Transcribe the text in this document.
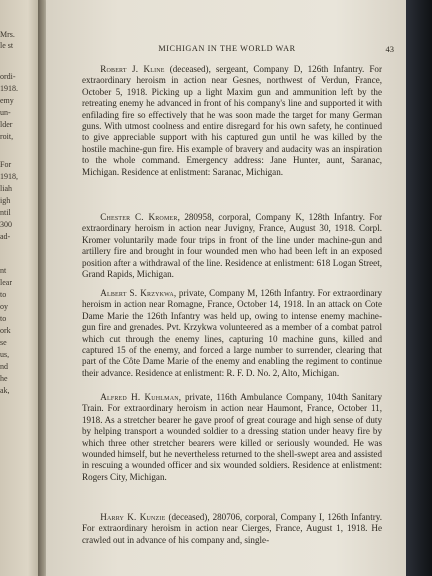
Mrs.
le st
ordi-
1918.
emy
un-
lder
roit,
For
1918,
liah
igh
ntil
300
ad-
nt
lear
to
oy
to
ork
se
us,
nd
he
ak,
MICHIGAN IN THE WORLD WAR	43

  Robert J. Kline (deceased), sergeant, Company D, 126th Infantry. For extraordinary heroism in action near Gesnes, northwest of Verdun, France, October 5, 1918. Picking up a light Maxim gun and ammunition left by the retreating enemy he advanced in front of his company's line and supported it with enfilading fire so effectively that he was soon made the target for many German guns. With utmost coolness and entire disregard for his own safety, he continued to give appreciable support with his captured gun until he was killed by the hostile machine-gun fire. His example of bravery and audacity was an inspiration to the whole command. Emergency address: Jane Hunter, aunt, Saranac, Michigan. Residence at enlistment: Saranac, Michigan.

  Chester C. Kromer, 280958, corporal, Company K, 128th Infantry. For extraordinary heroism in action near Juvigny, France, August 30, 1918. Corpl. Kromer voluntarily made four trips in front of the line under machine-gun and artillery fire and brought in four wounded men who had been left in an exposed position after a withdrawal of the line. Residence at enlistment: 618 Logan Street, Grand Rapids, Michigan.

  Albert S. Krzykwa, private, Company M, 126th Infantry. For extraordinary heroism in action near Romagne, France, October 14, 1918. In an attack on Cote Dame Marie the 126th Infantry was held up, owing to intense enemy machine-gun fire and grenades. Pvt. Krzykwa volunteered as a member of a combat patrol which cut through the enemy lines, capturing 10 machine guns, killed and captured 15 of the enemy, and forced a large number to surrender, clearing that part of the Côte Dame Marie of the enemy and enabling the regiment to continue their advance. Residence at enlistment: R. F. D. No. 2, Alto, Michigan.

  Alfred H. Kuhlman, private, 116th Ambulance Company, 104th Sanitary Train. For extraordinary heroism in action near Haumont, France, October 11, 1918. As a stretcher bearer he gave proof of great courage and high sense of duty by helping transport a wounded soldier to a dressing station under heavy fire by which three other stretcher bearers were killed or seriously wounded. He was wounded himself, but he nevertheless returned to the shell-swept area and assisted in rescuing a wounded officer and six wounded soldiers. Residence at enlistment: Rogers City, Michigan.

  Harry K. Kunzie (deceased), 280706, corporal, Company I, 126th Infantry. For extraordinary heroism in action near Cierges, France, August 1, 1918. He crawled out in advance of his company and, single-
